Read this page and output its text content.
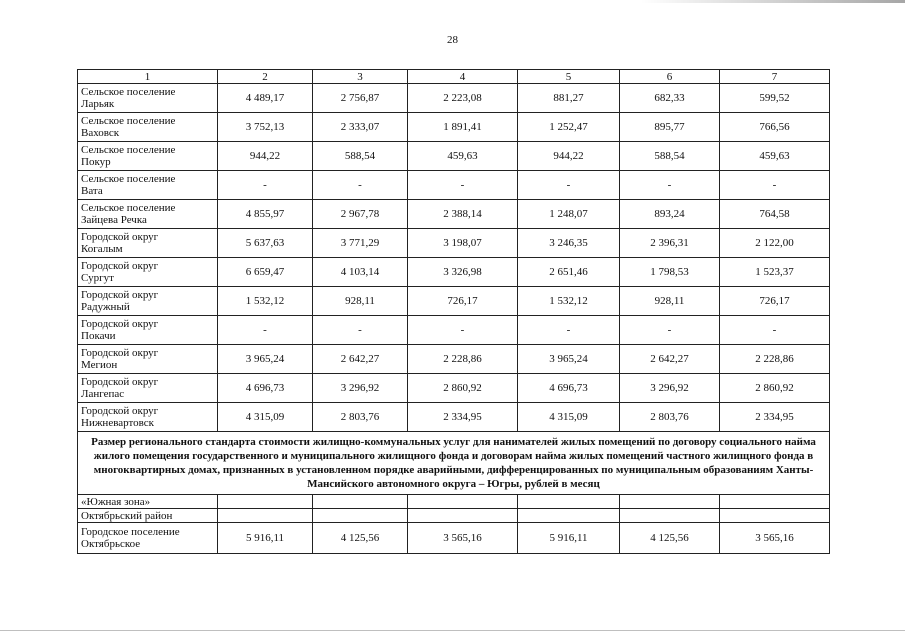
28
1	2	3	4	5	6	7

Сельское поселение
Ларьяк	4 489,17	2 756,87	2 223,08	881,27	682,33	599,52

Сельское поселение
Ваховск	3 752,13	2 333,07	1 891,41	1 252,47	895,77	766,56

Сельское поселение
Покур	944,22	588,54	459,63	944,22	588,54	459,63

Сельское поселение
Вата	-	-	-	-	-	-

Сельское поселение
Зайцева Речка	4 855,97	2 967,78	2 388,14	1 248,07	893,24	764,58

Городской округ
Когалым	5 637,63	3 771,29	3 198,07	3 246,35	2 396,31	2 122,00

Городской округ
Сургут	6 659,47	4 103,14	3 326,98	2 651,46	1 798,53	1 523,37

Городской округ
Радужный	1 532,12	928,11	726,17	1 532,12	928,11	726,17

Городской округ
Покачи	-	-	-	-	-	-

Городской округ
Мегион	3 965,24	2 642,27	2 228,86	3 965,24	2 642,27	2 228,86

Городской округ
Лангепас	4 696,73	3 296,92	2 860,92	4 696,73	3 296,92	2 860,92

Городской округ
Нижневартовск	4 315,09	2 803,76	2 334,95	4 315,09	2 803,76	2 334,95
Размер регионального стандарта стоимости жилищно-коммунальных услуг для нанимателей жилых помещений по договору социального найма жилого помещения государственного и муниципального жилищного фонда и договорам найма жилых помещений частного жилищного фонда в многоквартирных домах, признанных в установленном порядке аварийными, дифференцированных по муниципальным образованиям Ханты-Мансийского автономного округа – Югры, рублей в месяц						
«Южная зона»						
Октябрьский район						

Городское поселение
Октябрьское	5 916,11	4 125,56	3 565,16	5 916,11	4 125,56	3 565,16
